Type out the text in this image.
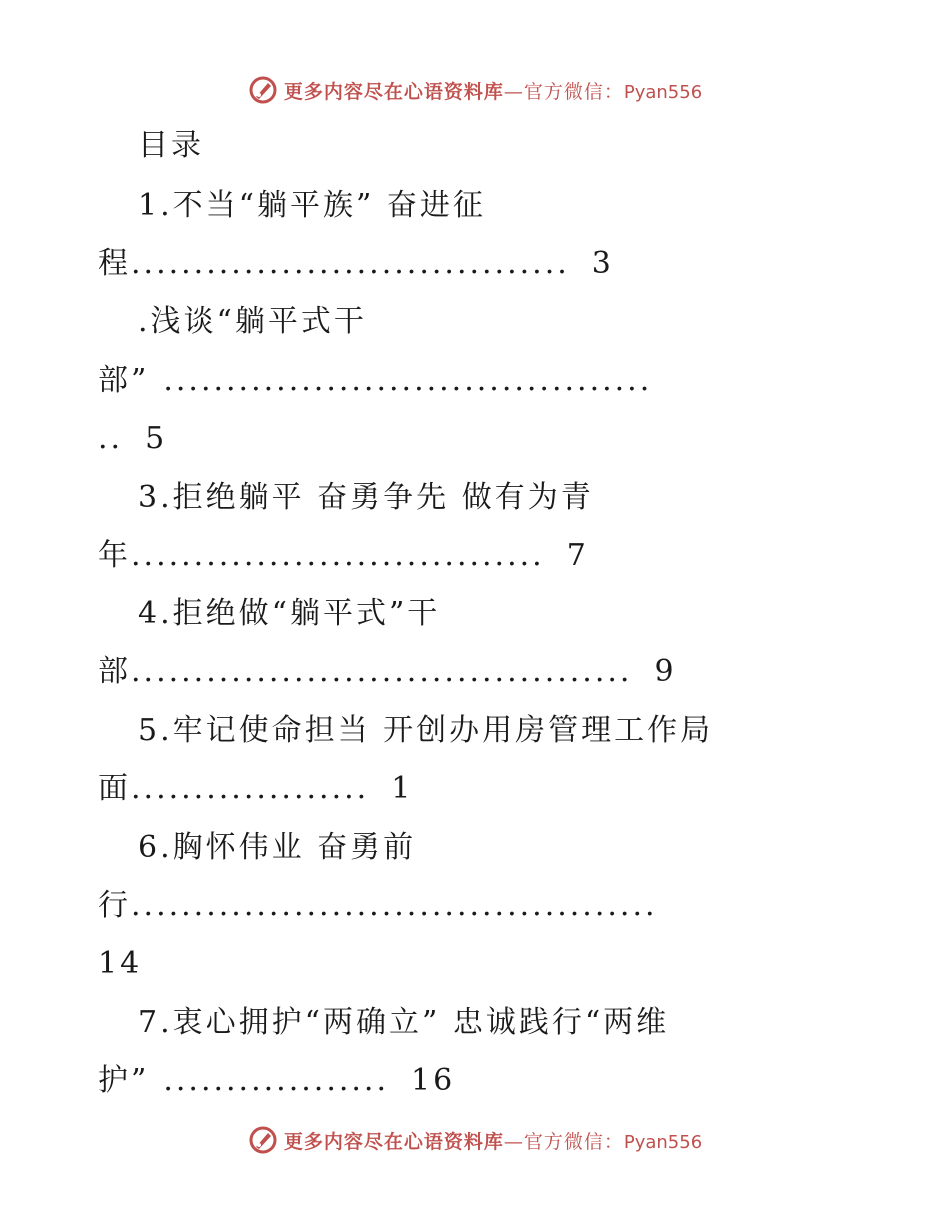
更多内容尽在心语资料库—官方微信：Pyan556
目录
1.不当“躺平族” 奋进征
程................................... 3
.浅谈“躺平式干
部” .......................................
.. 5
3.拒绝躺平 奋勇争先 做有为青
年................................. 7
4.拒绝做“躺平式”干
部........................................ 9
5.牢记使命担当 开创办用房管理工作局
面................... 1
6.胸怀伟业 奋勇前
行..........................................
14
7.衷心拥护“两确立” 忠诚践行“两维
护” .................. 16
更多内容尽在心语资料库—官方微信：Pyan556
